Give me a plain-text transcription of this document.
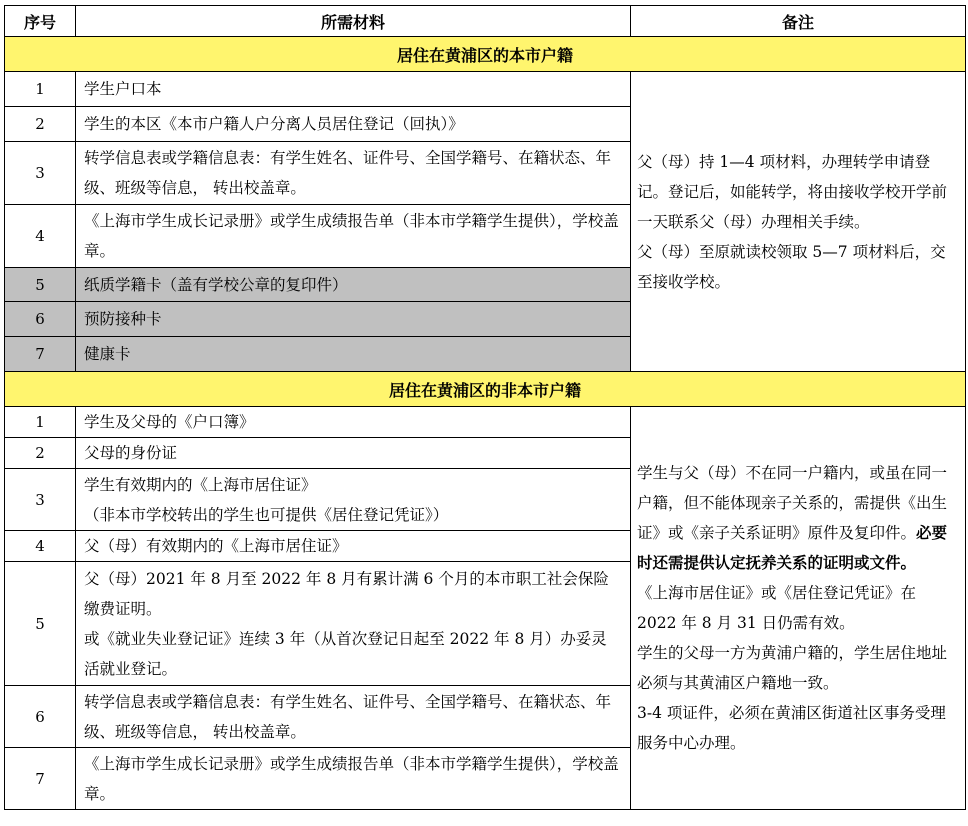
序号	所需材料	备注
居住在黄浦区的本市户籍		
1	学生户口本	父（母）持 1—4 项材料，办理转学申请登记。登记后，如能转学，将由接收学校开学前一天联系父（母）办理相关手续。

父（母）至原就读校领取 5—7 项材料后，交至接收学校。

2	学生的本区《本市户籍人户分离人员居住登记（回执）》	
3	转学信息表或学籍信息表：有学生姓名、证件号、全国学籍号、在籍状态、年级、班级等信息， 转出校盖章。	
4	《上海市学生成长记录册》或学生成绩报告单（非本市学籍学生提供），学校盖章。	
5	纸质学籍卡（盖有学校公章的复印件）	
6	预防接种卡	
7	健康卡	
居住在黄浦区的非本市户籍		
1	学生及父母的《户口簿》	学生与父（母）不在同一户籍内，或虽在同一户籍，但不能体现亲子关系的，需提供《出生证》或《亲子关系证明》原件及复印件。必要时还需提供认定抚养关系的证明或文件。

《上海市居住证》或《居住登记凭证》在 2022 年 8 月 31 日仍需有效。

学生的父母一方为黄浦户籍的，学生居住地址必须与其黄浦区户籍地一致。

3-4 项证件，必须在黄浦区街道社区事务受理服务中心办理。

2	父母的身份证	
3	学生有效期内的《上海市居住证》
（非本市学校转出的学生也可提供《居住登记凭证》）	

4	父（母）有效期内的《上海市居住证》	
5	父（母）2021 年 8 月至 2022 年 8 月有累计满 6 个月的本市职工社会保险缴费证明。
或《就业失业登记证》连续 3 年（从首次登记日起至 2022 年 8 月）办妥灵活就业登记。	

6	转学信息表或学籍信息表：有学生姓名、证件号、全国学籍号、在籍状态、年级、班级等信息， 转出校盖章。	
7	《上海市学生成长记录册》或学生成绩报告单（非本市学籍学生提供），学校盖章。	
